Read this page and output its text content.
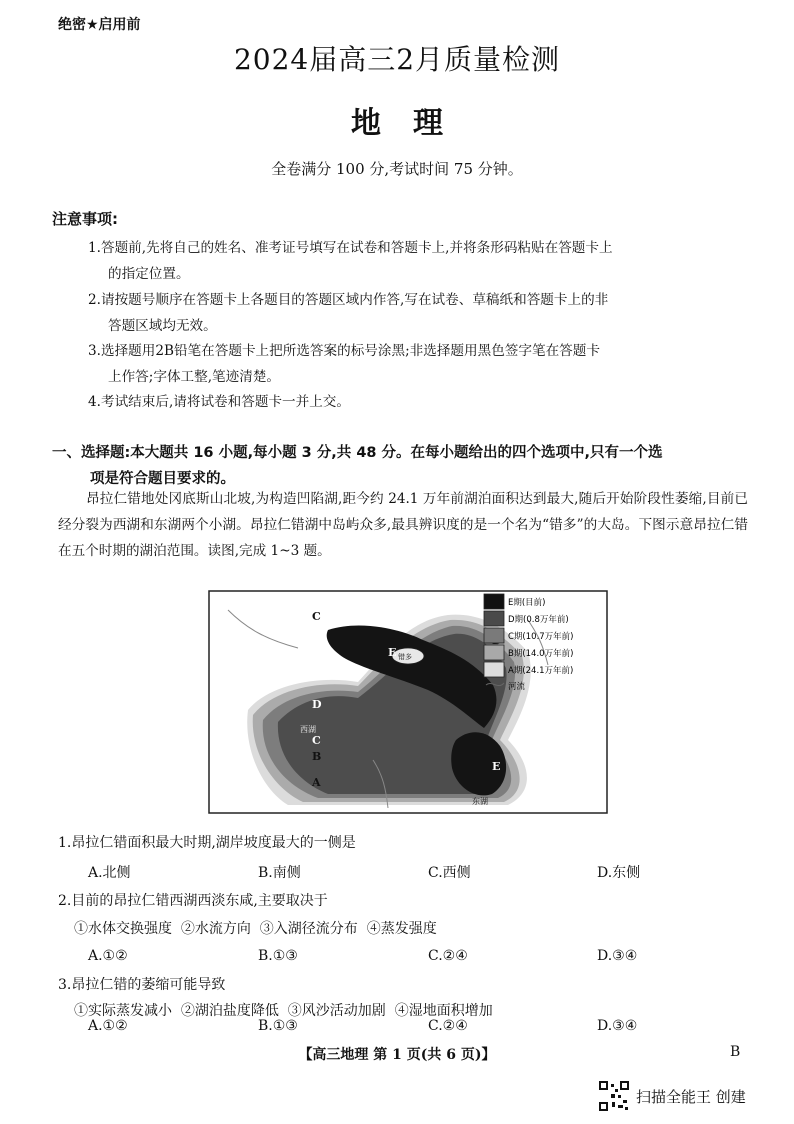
绝密★启用前
2024届高三2月质量检测
地理
全卷满分 100 分,考试时间 75 分钟。
注意事项:
1.答题前,先将自己的姓名、准考证号填写在试卷和答题卡上,并将条形码粘贴在答题卡上
的指定位置。
2.请按题号顺序在答题卡上各题目的答题区域内作答,写在试卷、草稿纸和答题卡上的非
答题区域均无效。
3.选择题用2B铅笔在答题卡上把所选答案的标号涂黑;非选择题用黑色签字笔在答题卡
上作答;字体工整,笔迹清楚。
4.考试结束后,请将试卷和答题卡一并上交。
一、选择题:本大题共 16 小题,每小题 3 分,共 48 分。在每小题给出的四个选项中,只有一个选
项是符合题目要求的。
昂拉仁错地处冈底斯山北坡,为构造凹陷湖,距今约 24.1 万年前湖泊面积达到最大,随后开始阶段性萎缩,目前已经分裂为西湖和东湖两个小湖。昂拉仁错湖中岛屿众多,最具辨识度的是一个名为“错多”的大岛。下图示意昂拉仁错在五个时期的湖泊范围。读图,完成 1~3 题。
C
E 错多
西湖
D
C
B
A
E
东湖
E期(目前)
D期(0.8万年前)
C期(10.7万年前)
B期(14.0万年前)
A期(24.1万年前)
河流
1.昂拉仁错面积最大时期,湖岸坡度最大的一侧是
A.北侧	B.南侧	C.西侧	D.东侧
2.目前的昂拉仁错西湖西淡东咸,主要取决于
①水体交换强度  ②水流方向  ③入湖径流分布  ④蒸发强度
A.①②	B.①③	C.②④	D.③④
3.昂拉仁错的萎缩可能导致
①实际蒸发减小  ②湖泊盐度降低  ③风沙活动加剧  ④湿地面积增加
A.①②	B.①③	C.②④	D.③④
【高三地理 第 1 页(共 6 页)】	B
扫描全能王 创建
